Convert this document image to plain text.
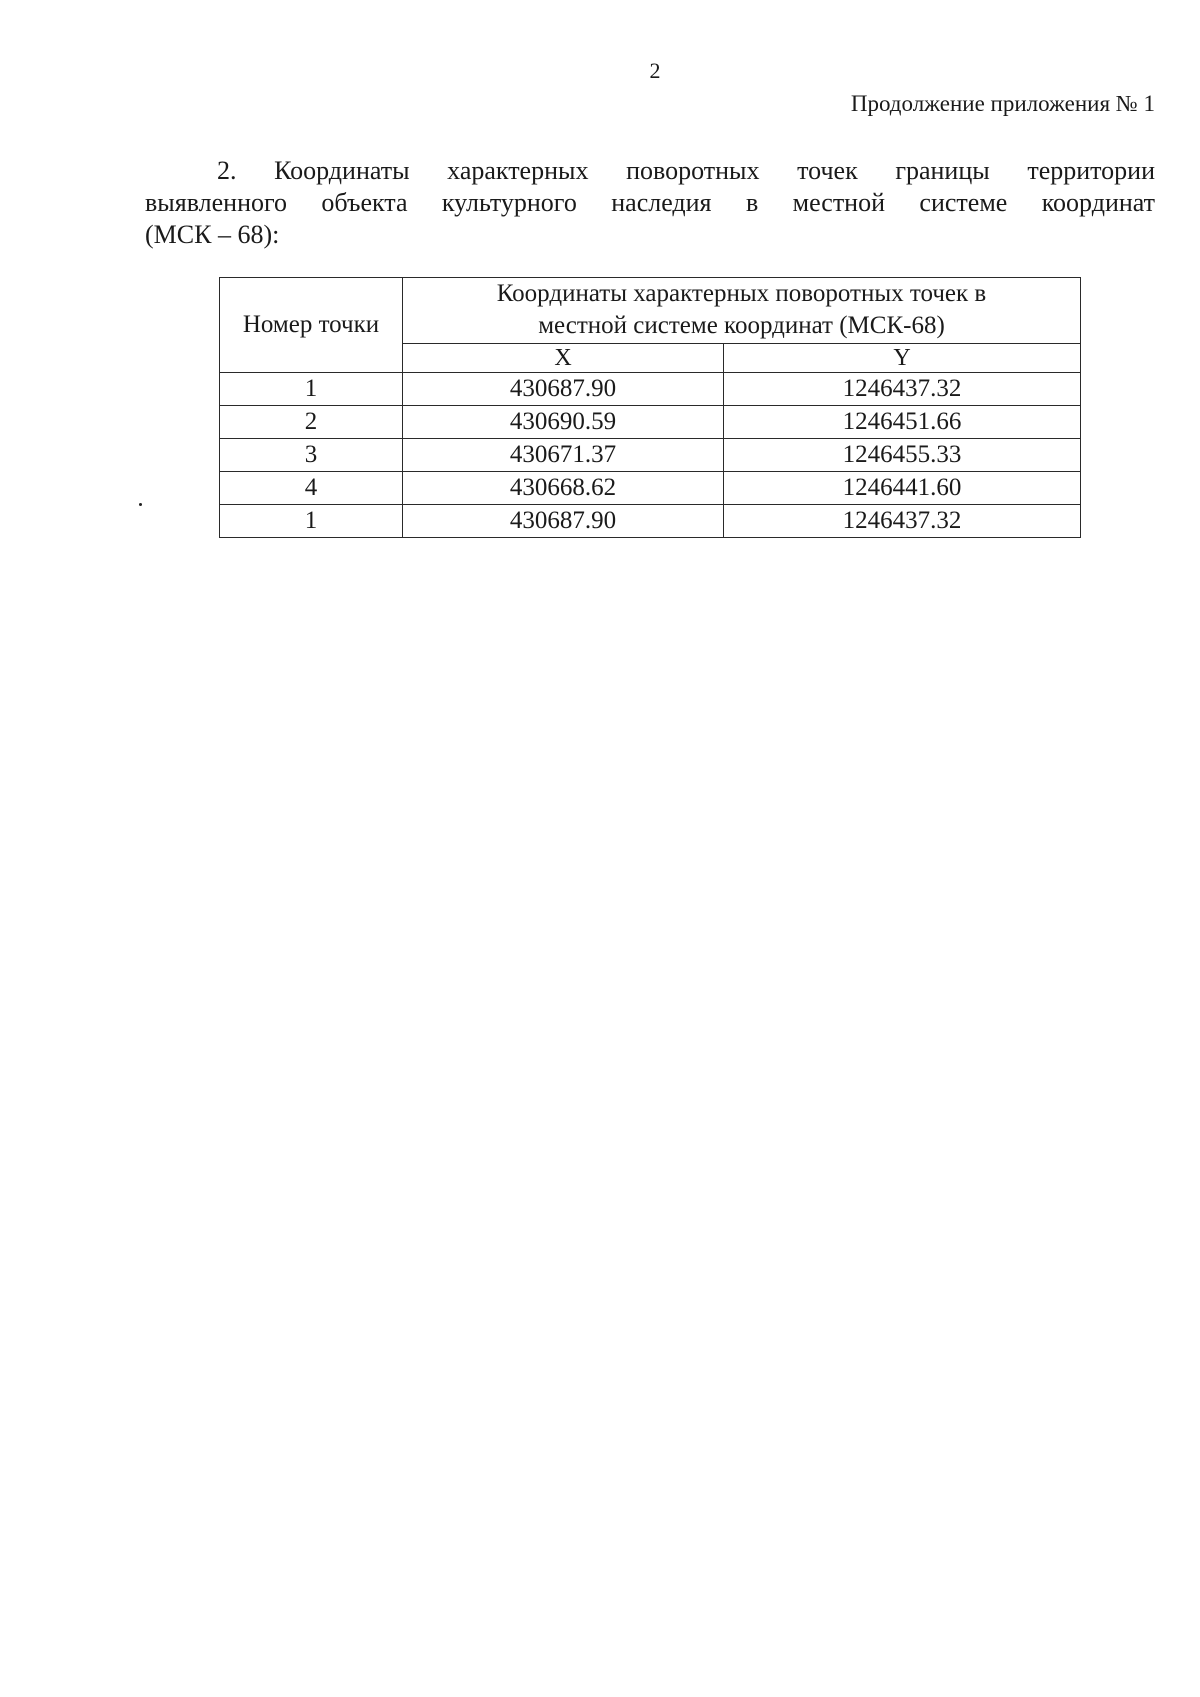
2
Продолжение приложения № 1
2. Координаты характерных поворотных точек границы территории
выявленного объекта культурного наследия в местной системе координат
(МСК – 68):
Номер точки	Координаты характерных поворотных точек в
местной системе координат (МСК-68)	
	X	Y
1	430687.90	1246437.32
2	430690.59	1246451.66
3	430671.37	1246455.33
4	430668.62	1246441.60
1	430687.90	1246437.32
